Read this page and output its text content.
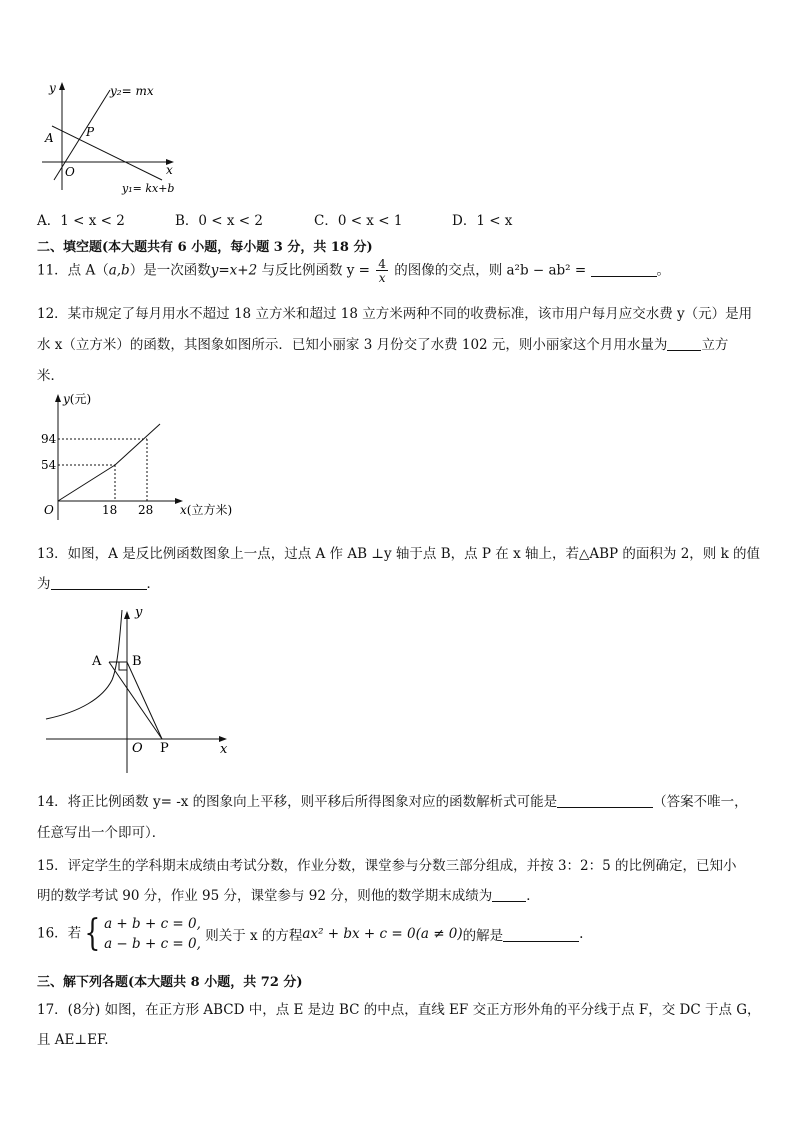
y
x
O
A	P
y₂= mx
y₁= kx+b
A．1 < x < 2	B．0 < x < 2	C．0 < x < 1	D．1 < x
二、填空题(本大题共有 6 小题，每小题 3 分，共 18 分)
11．点 A（a,b）是一次函数y=x+2 与反比例函数 $y = \frac{4}{x}$ 的图像的交点，则 a²b − ab² =	。
12．某市规定了每月用水不超过 18 立方米和超过 18 立方米两种不同的收费标准，该市用户每月应交水费 y（元）是用
水 x（立方米）的函数，其图象如图所示．已知小丽家 3 月份交了水费 102 元，则小丽家这个月用水量为	立方
米．
y(元)
x(立方米)
O
94
54
18 28
13．如图，A 是反比例函数图象上一点，过点 A 作 AB ⊥y 轴于点 B，点 P 在 x 轴上，若△ABP 的面积为 2，则 k 的值
为	．
y
x
O
A B
P
14．将正比例函数 y= -x 的图象向上平移，则平移后所得图象对应的函数解析式可能是	（答案不唯一，
任意写出一个即可）．
15．评定学生的学科期末成绩由考试分数，作业分数，课堂参与分数三部分组成，并按 3：2：5 的比例确定，已知小
明的数学考试 90 分，作业 95 分，课堂参与 92 分，则他的数学期末成绩为	．
16．若{ a + b + c = 0,
a − b + c = 0, 则关于 x 的方程ax² + bx + c = 0(a ≠ 0)的解是	.
三、解下列各题(本大题共 8 小题，共 72 分)
17．(8分) 如图，在正方形 ABCD 中，点 E 是边 BC 的中点，直线 EF 交正方形外角的平分线于点 F，交 DC 于点 G，
且 AE⊥EF.
